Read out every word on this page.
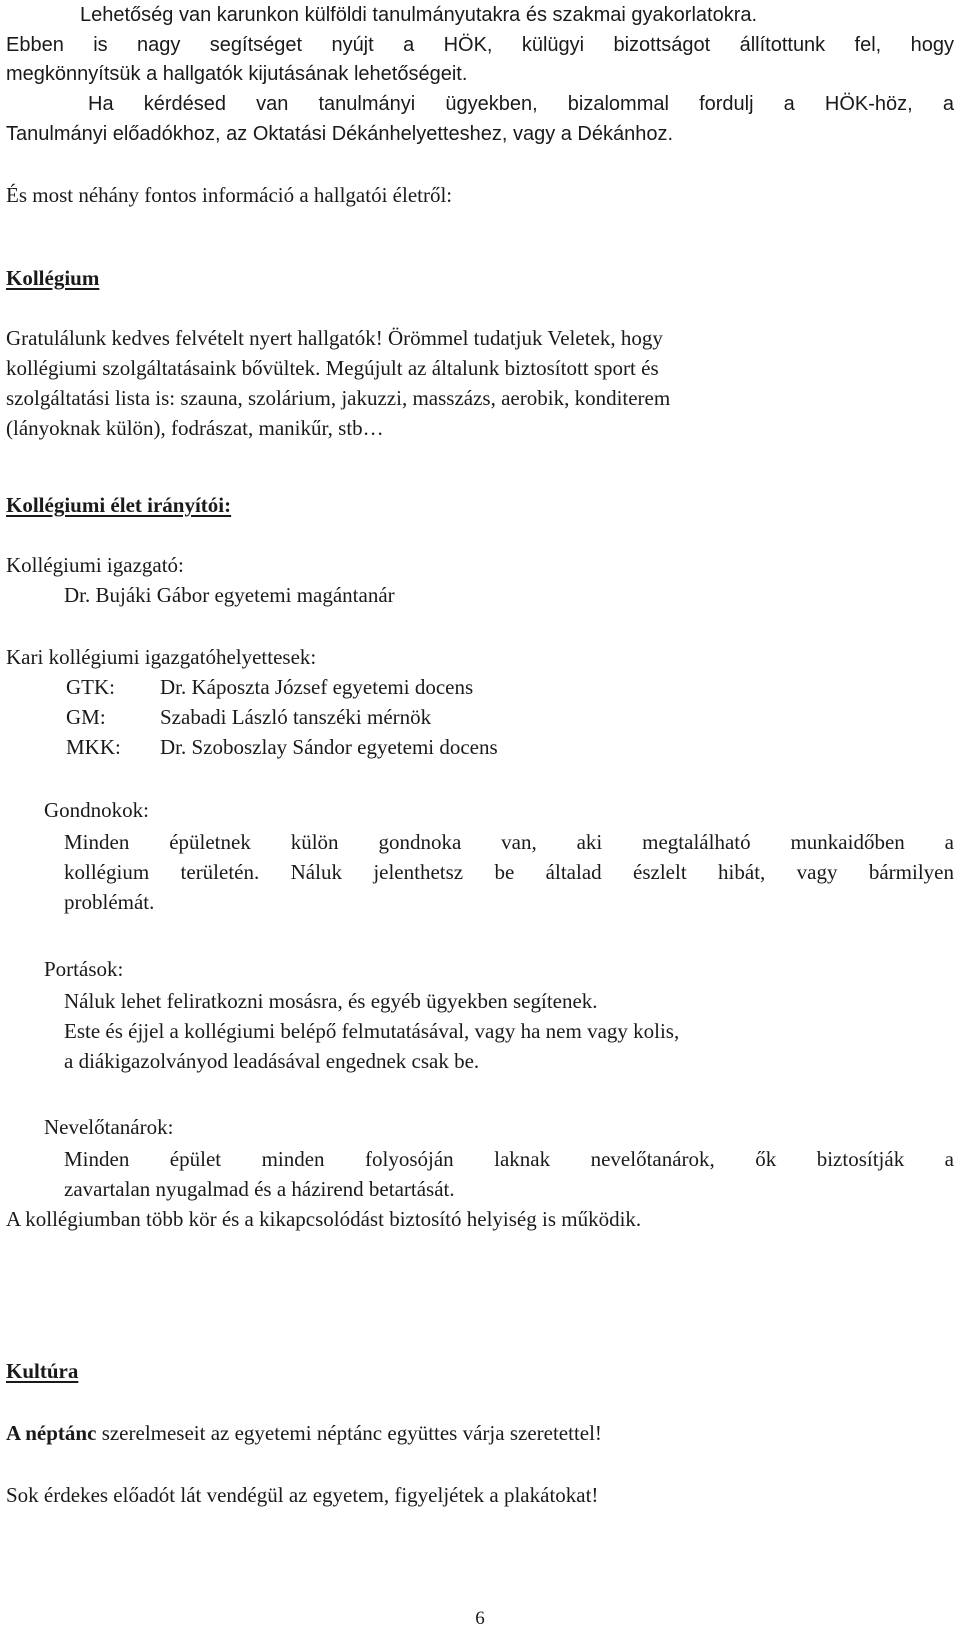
Lehetőség van karunkon külföldi tanulmányutakra és szakmai gyakorlatokra.
Ebben is nagy segítséget nyújt a HÖK, külügyi bizottságot állítottunk fel, hogy
megkönnyítsük a hallgatók kijutásának lehetőségeit.
Ha kérdésed van tanulmányi ügyekben, bizalommal fordulj a HÖK-höz, a
Tanulmányi előadókhoz, az Oktatási Dékánhelyetteshez, vagy a Dékánhoz.
És most néhány fontos információ a hallgatói életről:
Kollégium
Gratulálunk kedves felvételt nyert hallgatók! Örömmel tudatjuk Veletek, hogy
kollégiumi szolgáltatásaink bővültek. Megújult az általunk biztosított sport és
szolgáltatási lista is: szauna, szolárium, jakuzzi, masszázs, aerobik, konditerem
(lányoknak külön), fodrászat, manikűr, stb…
Kollégiumi élet irányítói:
Kollégiumi igazgató:
Dr. Bujáki Gábor egyetemi magántanár
Kari kollégiumi igazgatóhelyettesek:
GTK: Dr. Káposzta József egyetemi docens
GM:	Szabadi László tanszéki mérnök
MKK: Dr. Szoboszlay Sándor egyetemi docens
Gondnokok:
Minden épületnek külön gondnoka van, aki megtalálható munkaidőben a
kollégium területén. Náluk jelenthetsz be általad észlelt hibát, vagy bármilyen
problémát.
Portások:
Náluk lehet feliratkozni mosásra, és egyéb ügyekben segítenek.
Este és éjjel a kollégiumi belépő felmutatásával, vagy ha nem vagy kolis,
a diákigazolványod leadásával engednek csak be.
Nevelőtanárok:
Minden épület minden folyosóján laknak nevelőtanárok, ők biztosítják a
zavartalan nyugalmad és a házirend betartását.
A kollégiumban több kör és a kikapcsolódást biztosító helyiség is működik.
Kultúra
A néptánc szerelmeseit az egyetemi néptánc együttes várja szeretettel!
Sok érdekes előadót lát vendégül az egyetem, figyeljétek a plakátokat!
6
